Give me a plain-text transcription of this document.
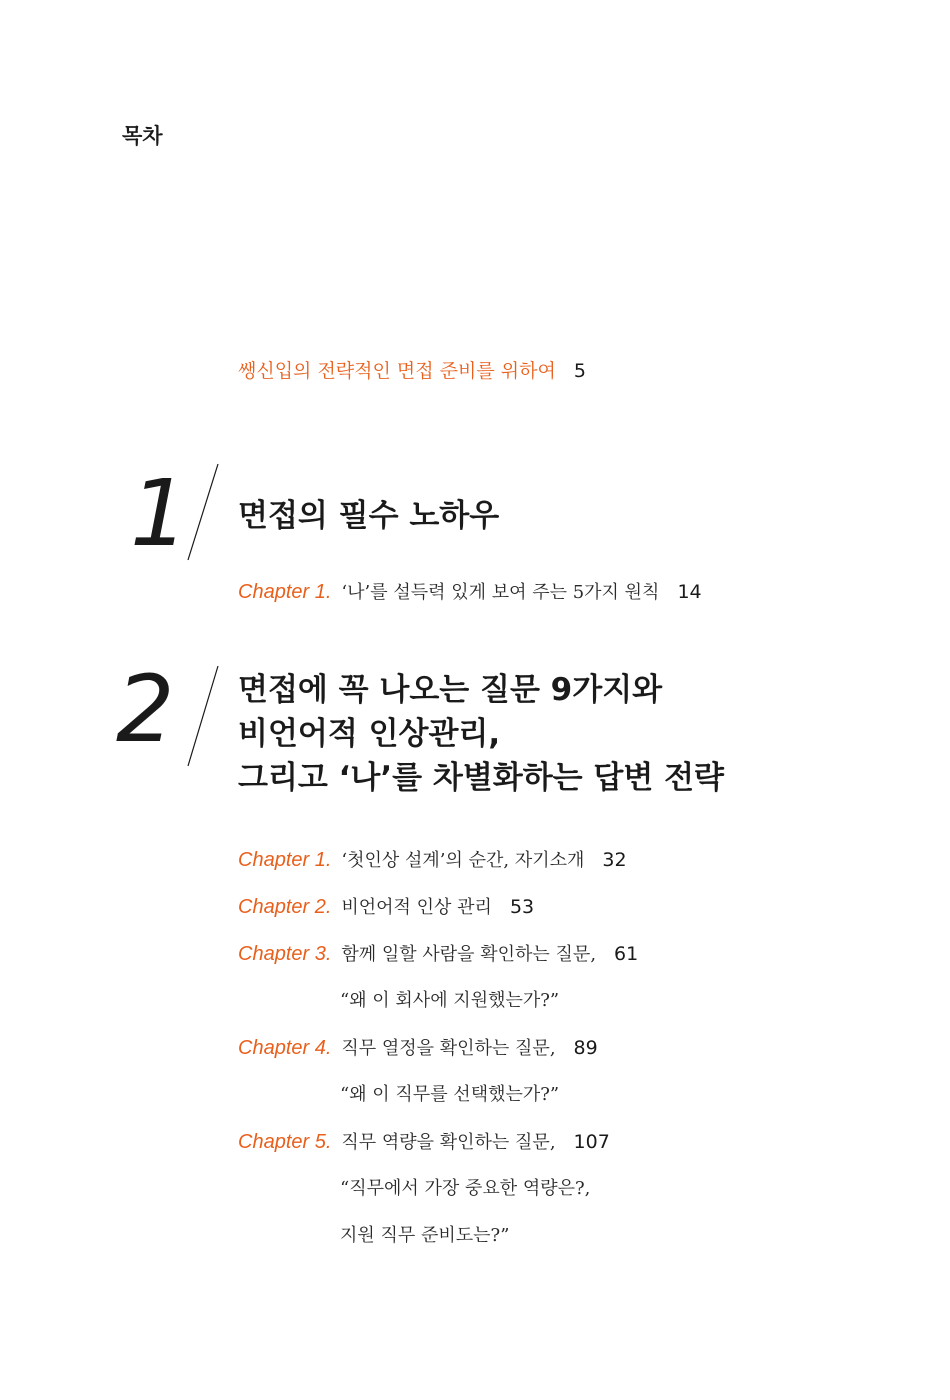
목차
쌩신입의 전략적인 면접 준비를 위하여 5
1 면접의 필수 노하우
Chapter 1. ‘나’를 설득력 있게 보여 주는 5가지 원칙 14
2 면접에 꼭 나오는 질문 9가지와
비언어적 인상관리,
그리고 ‘나’를 차별화하는 답변 전략
Chapter 1. ‘첫인상 설계’의 순간, 자기소개 32
Chapter 2. 비언어적 인상 관리 53
Chapter 3. 함께 일할 사람을 확인하는 질문, 61
“왜 이 회사에 지원했는가?”
Chapter 4. 직무 열정을 확인하는 질문, 89
“왜 이 직무를 선택했는가?”
Chapter 5. 직무 역량을 확인하는 질문, 107
“직무에서 가장 중요한 역량은?,
지원 직무 준비도는?”
